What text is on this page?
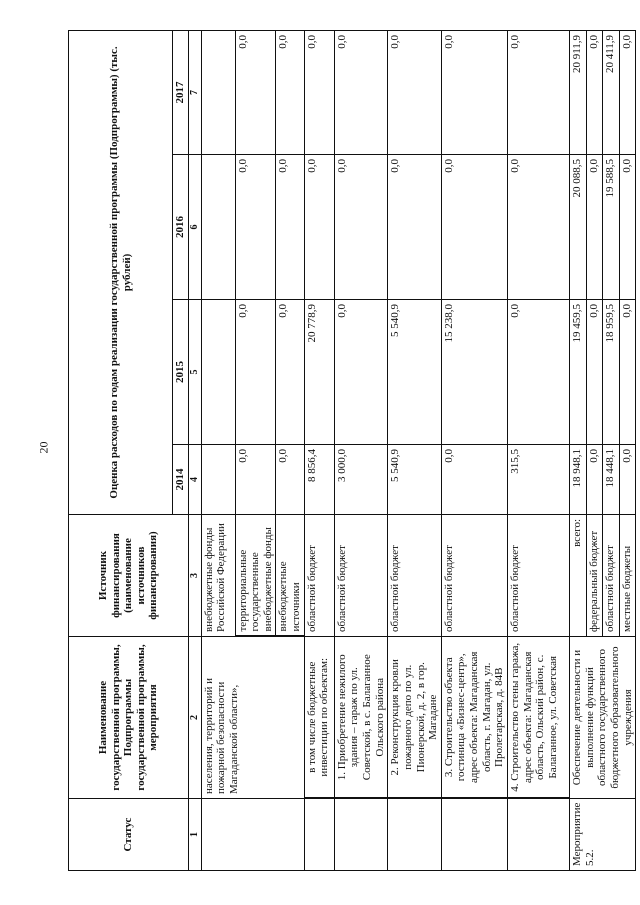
20
Статус	Наименование государственной программы, Подпрограммы государственной программы, мероприятия	Источник финансирования (наименование источников финансирования)	Оценка расходов по годам реализации государственной программы (Подпрограммы) (тыс. рублей)			
			2014	2015	2016	2017
1	2	3	4	5	6	7
	населения, территорий и пожарной безопасности Магаданской области»,	внебюджетные фонды Российской Федерации				
		территориальные государственные внебюджетные фонды	0,0	0,0	0,0	0,0
		внебюджетные источники	0,0	0,0	0,0	0,0
	в том числе бюджетные инвестиции по объектам:	областной бюджет	8 856,4	20 778,9	0,0	0,0
	1. Приобретение нежилого здания – гараж по ул. Советской, в с. Балаганное Ольского района	областной бюджет	3 000,0	0,0	0,0	0,0
	2. Реконструкция кровли пожарного депо по ул. Пионерской, д. 2, в гор. Магадане	областной бюджет	5 540,9	5 540,9	0,0	0,0
	3. Строительство объекта гостиница «Бизнес-центр», адрес объекта: Магаданская область, г. Магадан, ул. Пролетарская, д. 84В	областной бюджет	0,0	15 238,0	0,0	0,0
	4. Строительство стены гаража, адрес объекта: Магаданская область, Ольский район, с. Балаганное, ул. Советская	областной бюджет	315,5	0,0	0,0	0,0
Мероприятие 5.2.	Обеспечение деятельности и выполнение функций областного государственного бюджетного образовательного учреждения	всего:	18 948,1	19 459,5	20 088,5	20 911,9
		федеральный бюджет	0,0	0,0	0,0	0,0
		областной бюджет	18 448,1	18 959,5	19 588,5	20 411,9
		местные бюджеты	0,0	0,0	0,0	0,0
